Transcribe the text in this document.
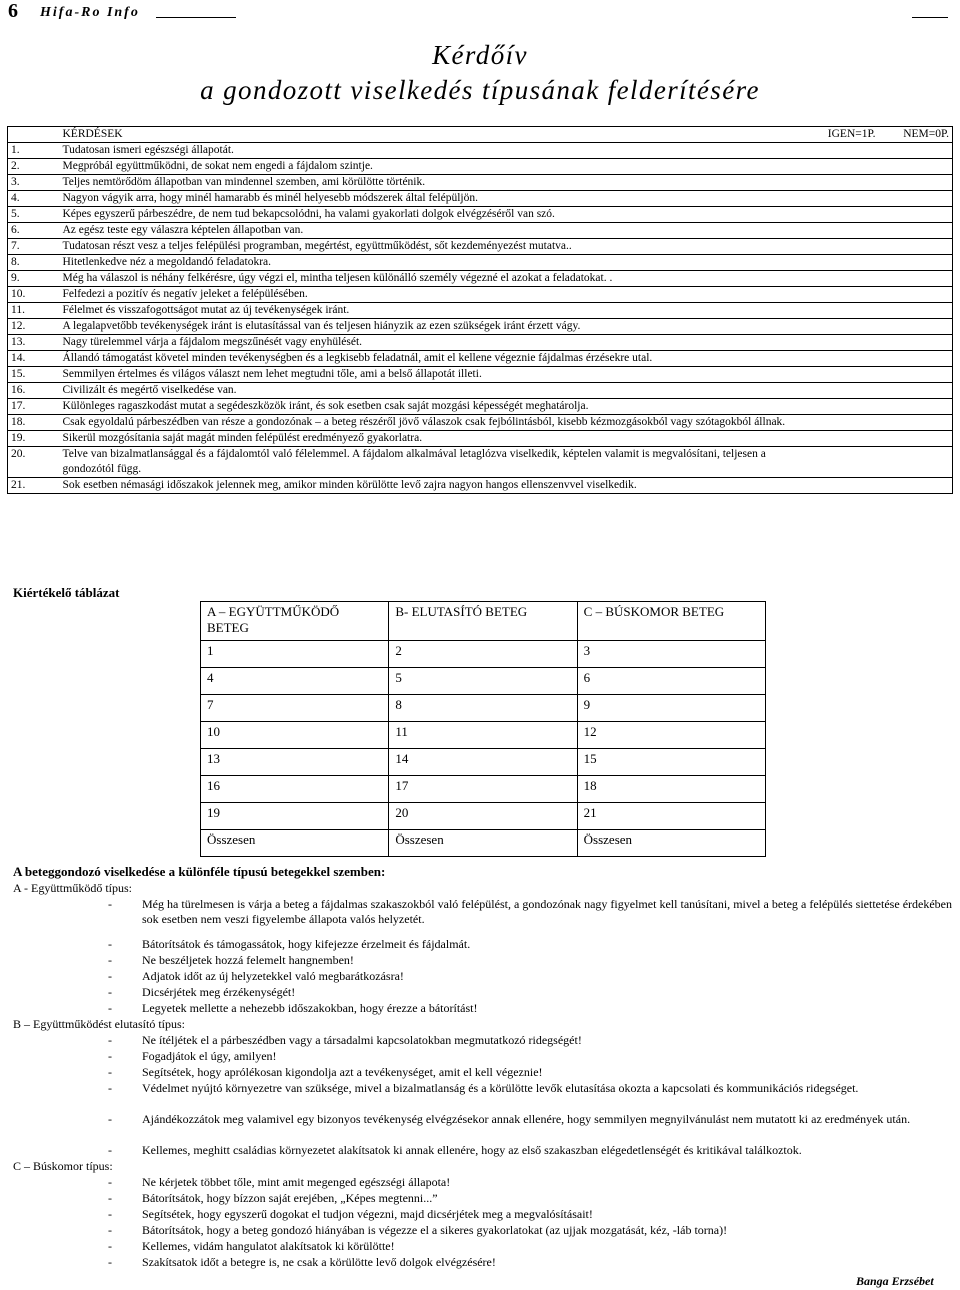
6 Hifa-Ro Info
Kérdőív
a gondozott viselkedés típusának felderítésére
	KÉRDÉSEK	IGEN=1P.	NEM=0P.
1.	Tudatosan ismeri egészségi állapotát.		
2.	Megpróbál együttműködni, de sokat nem engedi a fájdalom szintje.		
3.	Teljes nemtörődöm állapotban van mindennel szemben, ami körülötte történik.		
4.	Nagyon vágyik arra, hogy minél hamarabb és minél helyesebb módszerek által felépüljön.		
5.	Képes egyszerű párbeszédre, de nem tud bekapcsolódni, ha valami gyakorlati dolgok elvégzéséről van szó.		
6.	Az egész teste egy válaszra képtelen állapotban van.		
7.	Tudatosan részt vesz a teljes felépülési programban, megértést, együttműködést, sőt kezdeményezést mutatva..		
8.	Hitetlenkedve néz a megoldandó feladatokra.		
9.	Még ha válaszol is néhány felkérésre, úgy végzi el, mintha teljesen különálló személy végezné el azokat a feladatokat. .		
10.	Felfedezi a pozitív és negatív jeleket a felépülésében.		
11.	Félelmet és visszafogottságot mutat az új tevékenységek iránt.		
12.	A legalapvetőbb tevékenységek iránt is elutasítással van és teljesen hiányzik az ezen szükségek iránt érzett vágy.		
13.	Nagy türelemmel várja a fájdalom megszűnését vagy enyhülését.		
14.	Állandó támogatást követel minden tevékenységben és a legkisebb feladatnál, amit el kellene végeznie fájdalmas érzésekre utal.		
15.	Semmilyen értelmes és világos választ nem lehet megtudni tőle, ami a belső állapotát illeti.		
16.	Civilizált és megértő viselkedése van.		
17.	Különleges ragaszkodást mutat a segédeszközök iránt, és sok esetben csak saját mozgási képességét meghatárolja.		
18.	Csak egyoldalú párbeszédben van része a gondozónak – a beteg részéről jövő válaszok csak fejbólintásból, kisebb kézmozgásokból vagy szótagokból állnak.		
19.	Sikerül mozgósítania saját magát minden felépülést eredményező gyakorlatra.		
20.	Telve van bizalmatlansággal és a fájdalomtól való félelemmel. A fájdalom alkalmával letaglózva viselkedik, képtelen valamit is megvalósítani, teljesen a gondozótól függ.		
21.	Sok esetben némasági időszakok jelennek meg, amikor minden körülötte levő zajra nagyon hangos ellenszenvvel viselkedik.		
Kiértékelő táblázat
A – EGYÜTTMŰKÖDŐ BETEG	B- ELUTASÍTÓ BETEG	C – BÚSKOMOR BETEG
1	2	3
4	5	6
7	8	9
10	11	12
13	14	15
16	17	18
19	20	21
Összesen	Összesen	Összesen
A beteggondozó viselkedése a különféle típusú betegekkel szemben:
A - Együttműködő típus:
-	Még ha türelmesen is várja a beteg a fájdalmas szakaszokból való felépülést, a gondozónak nagy figyelmet kell tanúsítani, mivel a beteg a felépülés siettetése érdekében sok esetben nem veszi figyelembe állapota valós helyzetét.
-	Bátorítsátok és támogassátok, hogy kifejezze érzelmeit és fájdalmát.
-	Ne beszéljetek hozzá felemelt hangnemben!
-	Adjatok időt az új helyzetekkel való megbarátkozásra!
-	Dicsérjétek meg érzékenységét!
-	Legyetek mellette a nehezebb időszakokban, hogy érezze a bátorítást!
B – Együttműködést elutasító típus:
-	Ne ítéljétek el a párbeszédben vagy a társadalmi kapcsolatokban megmutatkozó ridegségét!
-	Fogadjátok el úgy, amilyen!
-	Segítsétek, hogy aprólékosan kigondolja azt a tevékenységet, amit el kell végeznie!
-	Védelmet nyújtó környezetre van szüksége, mivel a bizalmatlanság és a körülötte levők elutasítása okozta a kapcsolati és kommunikációs ridegséget.
-	Ajándékozzátok meg valamivel egy bizonyos tevékenység elvégzésekor annak ellenére, hogy semmilyen megnyilvánulást nem mutatott ki az eredmények után.
-	Kellemes, meghitt családias környezetet alakítsatok ki annak ellenére, hogy az első szakaszban elégedetlenségét és kritikával találkoztok.
C – Búskomor típus:
-	Ne kérjetek többet tőle, mint amit megenged egészségi állapota!
-	Bátorítsátok, hogy bízzon saját erejében, „Képes megtenni...”
-	Segítsétek, hogy egyszerű dogokat el tudjon végezni, majd dicsérjétek meg a megvalósításait!
-	Bátorítsátok, hogy a beteg gondozó hiányában is végezze el a sikeres gyakorlatokat (az ujjak mozgatását, kéz, -láb torna)!
-	Kellemes, vidám hangulatot alakítsatok ki körülötte!
-	Szakítsatok időt a betegre is, ne csak a körülötte levő dolgok elvégzésére!
Banga Erzsébet
